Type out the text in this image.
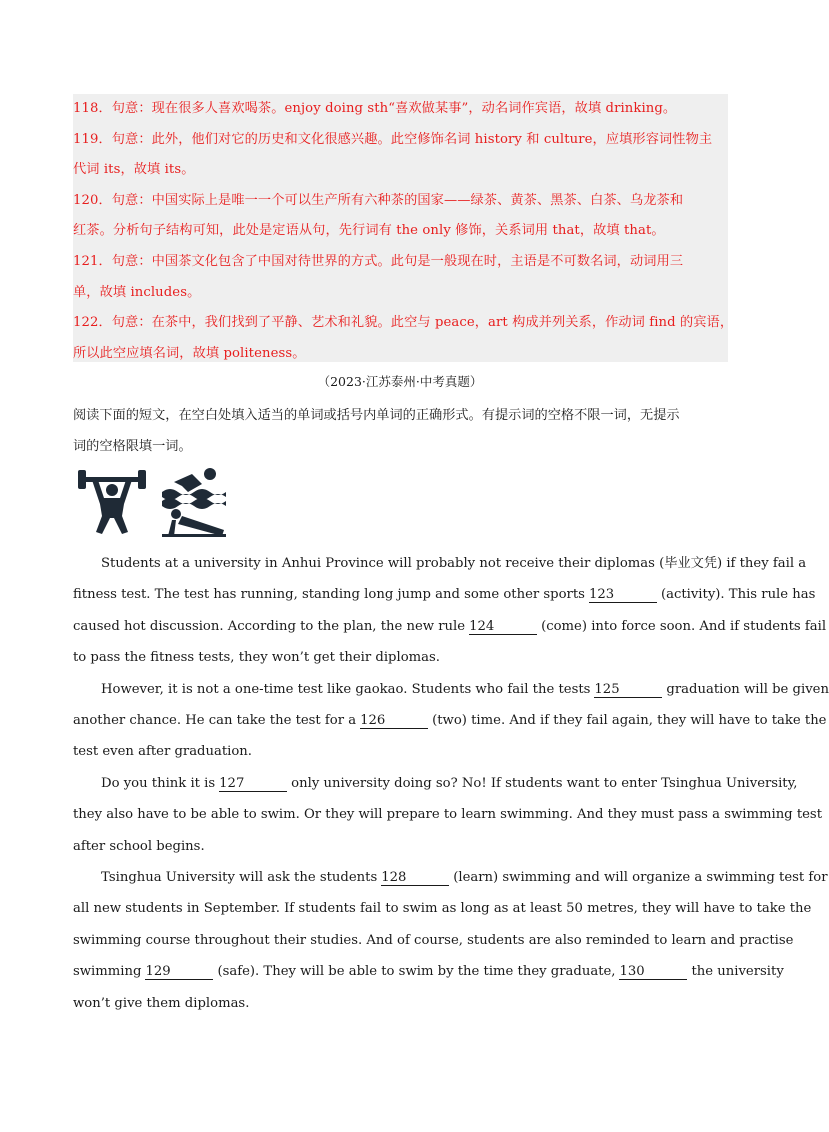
118．句意：现在很多人喜欢喝茶。enjoy doing sth“喜欢做某事”，动名词作宾语，故填 drinking。

119．句意：此外，他们对它的历史和文化很感兴趣。此空修饰名词 history 和 culture，应填形容词性物主

代词 its，故填 its。

120．句意：中国实际上是唯一一个可以生产所有六种茶的国家——绿茶、黄茶、黑茶、白茶、乌龙茶和

红茶。分析句子结构可知，此处是定语从句，先行词有 the only 修饰，关系词用 that，故填 that。

121．句意：中国茶文化包含了中国对待世界的方式。此句是一般现在时，主语是不可数名词，动词用三

单，故填 includes。

122．句意：在茶中，我们找到了平静、艺术和礼貌。此空与 peace，art 构成并列关系，作动词 find 的宾语，

所以此空应填名词，故填 politeness。

（2023·江苏泰州·中考真题）
阅读下面的短文，在空白处填入适当的单词或括号内单词的正确形式。有提示词的空格不限一词，无提示
词的空格限填一词。

Students at a university in Anhui Province will probably not receive their diplomas (毕业文凭) if they fail a
fitness test. The test has running, standing long jump and some other sports 123	(activity). This rule has
caused hot discussion. According to the plan, the new rule 124	(come) into force soon. And if students fail
to pass the fitness tests, they won’t get their diplomas.

However, it is not a one-time test like gaokao. Students who fail the tests 125	graduation will be given
another chance. He can take the test for a 126	(two) time. And if they fail again, they will have to take the
test even after graduation.

Do you think it is 127	only university doing so? No! If students want to enter Tsinghua University,
they also have to be able to swim. Or they will prepare to learn swimming. And they must pass a swimming test
after school begins.

Tsinghua University will ask the students 128	(learn) swimming and will organize a swimming test for
all new students in September. If students fail to swim as long as at least 50 metres, they will have to take the
swimming course throughout their studies. And of course, students are also reminded to learn and practise
swimming 129	(safe). They will be able to swim by the time they graduate, 130	the university
won’t give them diplomas.
